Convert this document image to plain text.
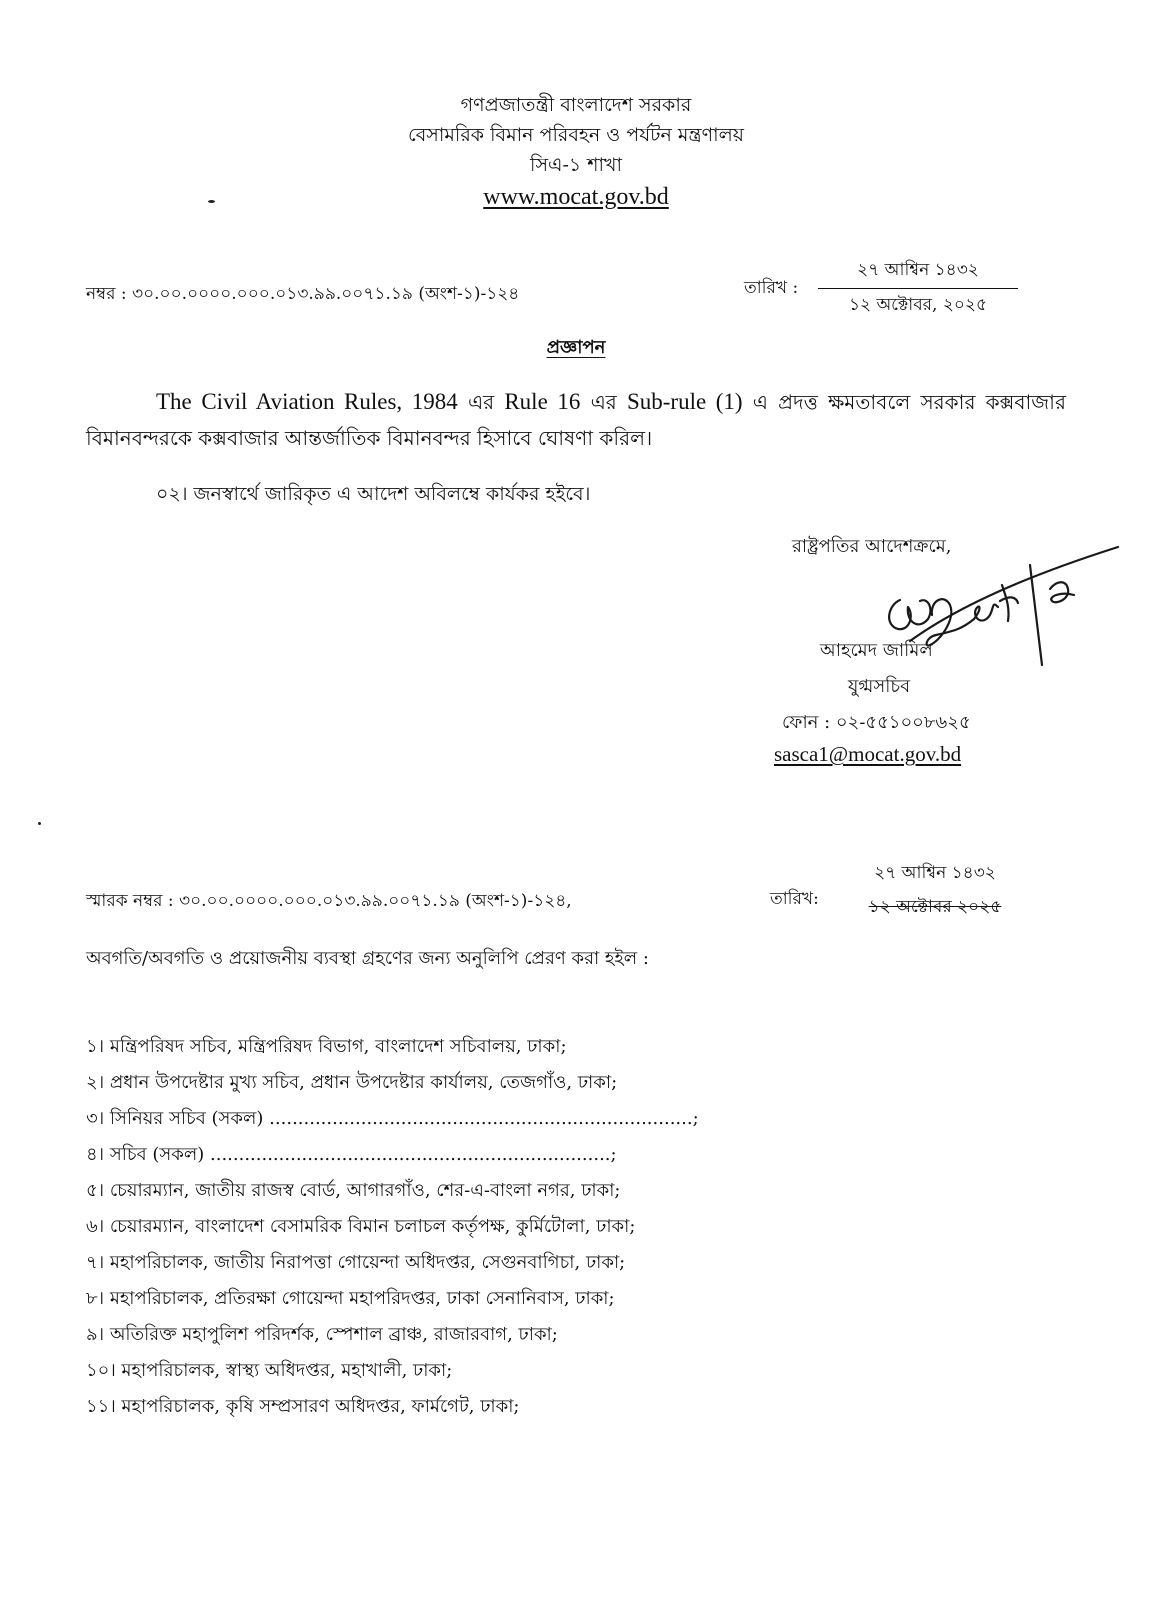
গণপ্রজাতন্ত্রী বাংলাদেশ সরকার
বেসামরিক বিমান পরিবহন ও পর্যটন মন্ত্রণালয়
সিএ-১ শাখা
www.mocat.gov.bd
নম্বর : ৩০.০০.০০০০.০০০.০১৩.৯৯.০০৭১.১৯ (অংশ-১)-১২৪	তারিখ :
২৭ আশ্বিন ১৪৩২
১২ অক্টোবর, ২০২৫
প্রজ্ঞাপন
The Civil Aviation Rules, 1984 এর Rule 16 এর Sub-rule (1) এ প্রদত্ত ক্ষমতাবলে সরকার কক্সবাজার বিমানবন্দরকে কক্সবাজার আন্তর্জাতিক বিমানবন্দর হিসাবে ঘোষণা করিল।
০২। জনস্বার্থে জারিকৃত এ আদেশ অবিলম্বে কার্যকর হইবে।
রাষ্ট্রপতির আদেশক্রমে,
আহমেদ জামিল
যুগ্মসচিব
ফোন : ০২-৫৫১০০৮৬২৫
sasca1@mocat.gov.bd
স্মারক নম্বর : ৩০.০০.০০০০.০০০.০১৩.৯৯.০০৭১.১৯ (অংশ-১)-১২৪,	তারিখ:
২৭ আশ্বিন ১৪৩২
১২ অক্টোবর ২০২৫
অবগতি/অবগতি ও প্রয়োজনীয় ব্যবস্থা গ্রহণের জন্য অনুলিপি প্রেরণ করা হইল :
১। মন্ত্রিপরিষদ সচিব, মন্ত্রিপরিষদ বিভাগ, বাংলাদেশ সচিবালয়, ঢাকা;
২। প্রধান উপদেষ্টার মুখ্য সচিব, প্রধান উপদেষ্টার কার্যালয়, তেজগাঁও, ঢাকা;
৩। সিনিয়র সচিব (সকল) ..........................................................................;
৪। সচিব (সকল) ......................................................................;
৫। চেয়ারম্যান, জাতীয় রাজস্ব বোর্ড, আগারগাঁও, শের-এ-বাংলা নগর, ঢাকা;
৬। চেয়ারম্যান, বাংলাদেশ বেসামরিক বিমান চলাচল কর্তৃপক্ষ, কুর্মিটোলা, ঢাকা;
৭। মহাপরিচালক, জাতীয় নিরাপত্তা গোয়েন্দা অধিদপ্তর, সেগুনবাগিচা, ঢাকা;
৮। মহাপরিচালক, প্রতিরক্ষা গোয়েন্দা মহাপরিদপ্তর, ঢাকা সেনানিবাস, ঢাকা;
৯। অতিরিক্ত মহাপুলিশ পরিদর্শক, স্পেশাল ব্রাঞ্চ, রাজারবাগ, ঢাকা;
১০। মহাপরিচালক, স্বাস্থ্য অধিদপ্তর, মহাখালী, ঢাকা;
১১। মহাপরিচালক, কৃষি সম্প্রসারণ অধিদপ্তর, ফার্মগেট, ঢাকা;
